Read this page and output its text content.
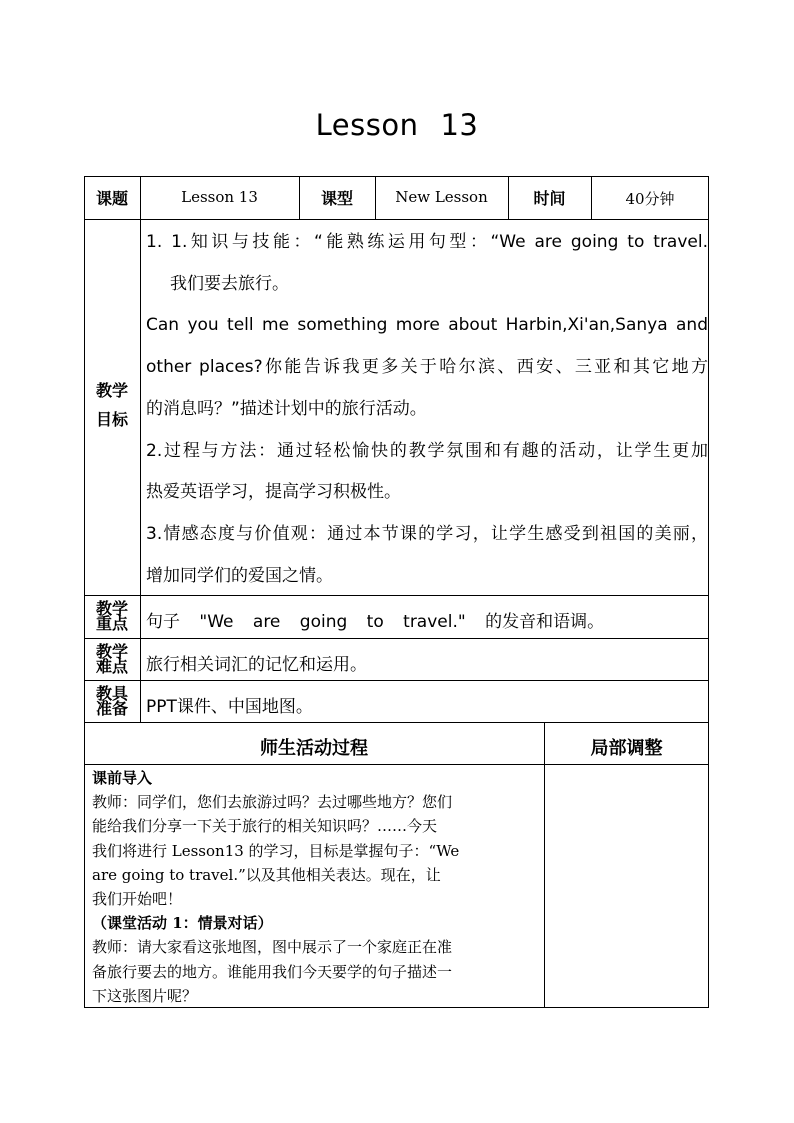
Lesson 13
课题	Lesson 13	课型	New Lesson	时间	40分钟
教学
目标

1. 1.知识与技能：“能熟练运用句型：“We are going to travel.

我们要去旅行。

Can you tell me something more about Harbin,Xi'an,Sanya and

other places?你能告诉我更多关于哈尔滨、西安、三亚和其它地方

的消息吗？”描述计划中的旅行活动。

2.过程与方法：通过轻松愉快的教学氛围和有趣的活动，让学生更加

热爱英语学习，提高学习积极性。

3.情感态度与价值观：通过本节课的学习，让学生感受到祖国的美丽，

增加同学们的爱国之情。

教学
重点	句子 "We are going to travel." 的发音和语调。
教学
难点	旅行相关词汇的记忆和运用。
教具
准备	PPT课件、中国地图。
师生活动过程	局部调整

课前导入

教师：同学们，您们去旅游过吗？去过哪些地方？您们

能给我们分享一下关于旅行的相关知识吗？……今天

我们将进行 Lesson13 的学习，目标是掌握句子：“We

are going to travel.”以及其他相关表达。现在，让

我们开始吧！

（课堂活动 1：情景对话）

教师：请大家看这张地图，图中展示了一个家庭正在准

备旅行要去的地方。谁能用我们今天要学的句子描述一

下这张图片呢？
